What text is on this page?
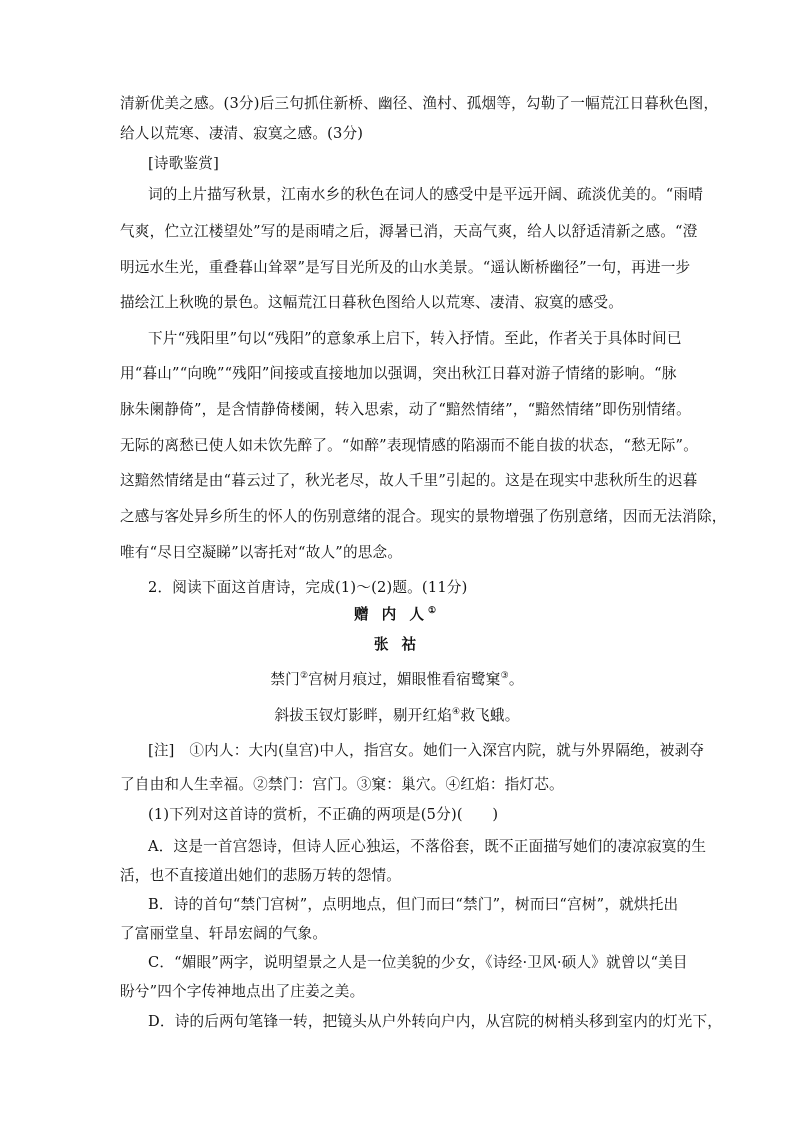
清新优美之感。(3分)后三句抓住新桥、幽径、渔村、孤烟等，勾勒了一幅荒江日暮秋色图，
给人以荒寒、凄清、寂寞之感。(3分)
[诗歌鉴赏]
词的上片描写秋景，江南水乡的秋色在词人的感受中是平远开阔、疏淡优美的。“雨晴
气爽，伫立江楼望处”写的是雨晴之后，溽暑已消，天高气爽，给人以舒适清新之感。“澄
明远水生光，重叠暮山耸翠”是写目光所及的山水美景。“遥认断桥幽径”一句，再进一步
描绘江上秋晚的景色。这幅荒江日暮秋色图给人以荒寒、凄清、寂寞的感受。
下片“残阳里”句以“残阳”的意象承上启下，转入抒情。至此，作者关于具体时间已
用“暮山”“向晚”“残阳”间接或直接地加以强调，突出秋江日暮对游子情绪的影响。“脉
脉朱阑静倚”，是含情静倚楼阑，转入思索，动了“黯然情绪”，“黯然情绪”即伤别情绪。
无际的离愁已使人如未饮先醉了。“如醉”表现情感的陷溺而不能自拔的状态，“愁无际”。
这黯然情绪是由“暮云过了，秋光老尽，故人千里”引起的。这是在现实中悲秋所生的迟暮
之感与客处异乡所生的怀人的伤别意绪的混合。现实的景物增强了伤别意绪，因而无法消除，
唯有“尽日空凝睇”以寄托对“故人”的思念。
2．阅读下面这首唐诗，完成(1)～(2)题。(11分)
赠 内 人①
张 祜
禁门②宫树月痕过，媚眼惟看宿鹭窠③。
斜拔玉钗灯影畔，剔开红焰④救飞蛾。
[注]　①内人：大内(皇宫)中人，指宫女。她们一入深宫内院，就与外界隔绝，被剥夺
了自由和人生幸福。②禁门：宫门。③窠：巢穴。④红焰：指灯芯。
(1)下列对这首诗的赏析，不正确的两项是(5分)(　　)
A．这是一首宫怨诗，但诗人匠心独运，不落俗套，既不正面描写她们的凄凉寂寞的生
活，也不直接道出她们的悲肠万转的怨情。
B．诗的首句“禁门宫树”，点明地点，但门而曰“禁门”，树而曰“宫树”，就烘托出
了富丽堂皇、轩昂宏阔的气象。
C．“媚眼”两字，说明望景之人是一位美貌的少女，《诗经·卫风·硕人》就曾以“美目
盼兮”四个字传神地点出了庄姜之美。
D．诗的后两句笔锋一转，把镜头从户外转向户内，从宫院的树梢头移到室内的灯光下，
